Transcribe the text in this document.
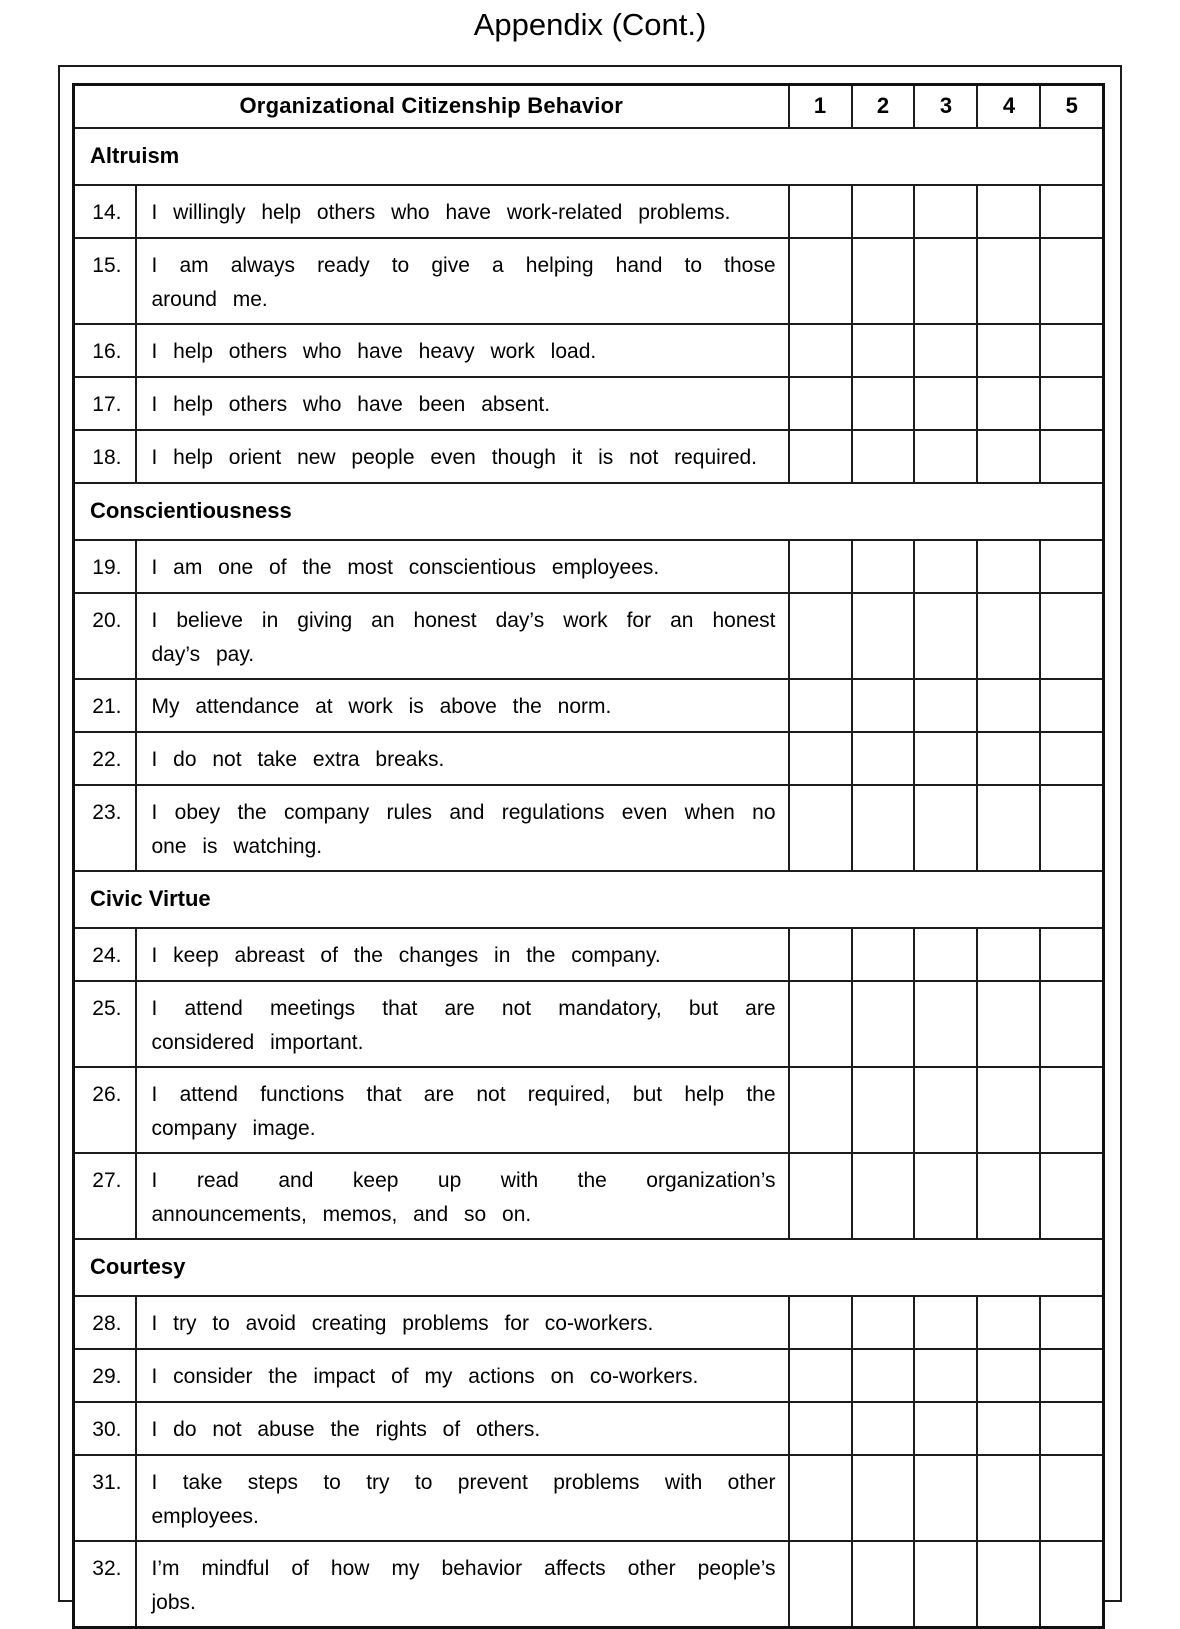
Appendix (Cont.)
Organizational Citizenship Behavior		1	2	3	4	5
Altruism						
14.	I willingly help others who have work-related problems.					
15.	I am always ready to give a helping hand to those around me.					
16.	I help others who have heavy work load.					
17.	I help others who have been absent.					
18.	I help orient new people even though it is not required.					
Conscientiousness						
19.	I am one of the most conscientious employees.					
20.	I believe in giving an honest day’s work for an honest day’s pay.					
21.	My attendance at work is above the norm.					
22.	I do not take extra breaks.					
23.	I obey the company rules and regulations even when no one is watching.					
Civic Virtue						
24.	I keep abreast of the changes in the company.					
25.	I attend meetings that are not mandatory, but are considered important.					
26.	I attend functions that are not required, but help the company image.					
27.	I read and keep up with the organization’s announcements, memos, and so on.					
Courtesy						
28.	I try to avoid creating problems for co-workers.					
29.	I consider the impact of my actions on co-workers.					
30.	I do not abuse the rights of others.					
31.	I take steps to try to prevent problems with other employees.					
32.	I’m mindful of how my behavior affects other people’s jobs.					
